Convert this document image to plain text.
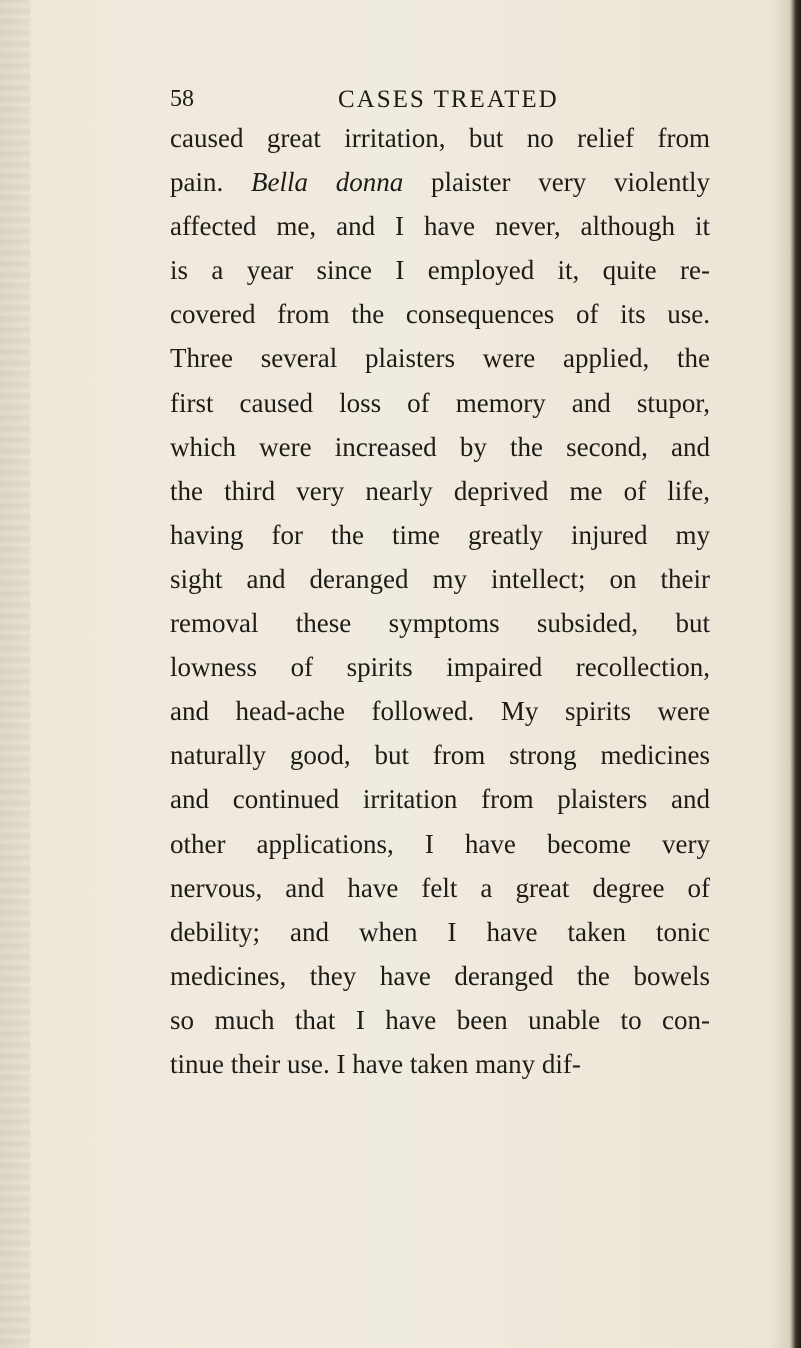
58	CASES TREATED
caused great irritation, but no relief from
pain. Bella donna plaister very violently
affected me, and I have never, although it
is a year since I employed it, quite re-
covered from the consequences of its use.
Three several plaisters were applied, the
first caused loss of memory and stupor,
which were increased by the second, and
the third very nearly deprived me of life,
having for the time greatly injured my
sight and deranged my intellect; on their
removal these symptoms subsided, but
lowness of spirits impaired recollection,
and head-ache followed. My spirits were
naturally good, but from strong medicines
and continued irritation from plaisters and
other applications, I have become very
nervous, and have felt a great degree of
debility; and when I have taken tonic
medicines, they have deranged the bowels
so much that I have been unable to con-
tinue their use. I have taken many dif-
